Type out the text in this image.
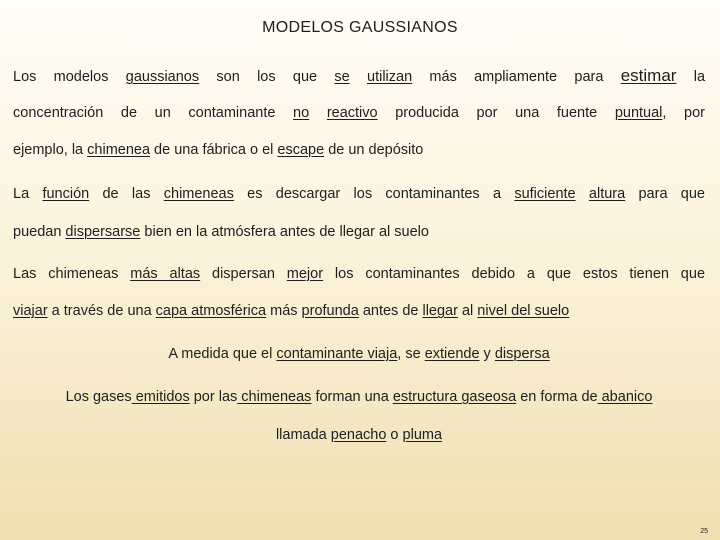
MODELOS GAUSSIANOS
Los modelos gaussianos son los que se utilizan más ampliamente para estimar la
concentración de un contaminante no reactivo producida por una fuente puntual, por
ejemplo, la chimenea de una fábrica o el escape de un depósito
La función de las chimeneas es descargar los contaminantes a suficiente altura para que
puedan dispersarse bien en la atmósfera antes de llegar al suelo
Las chimeneas más altas dispersan mejor los contaminantes debido a que estos tienen que
viajar a través de una capa atmosférica más profunda antes de llegar al nivel del suelo
A medida que el contaminante viaja, se extiende y dispersa
Los gases emitidos por las chimeneas forman una estructura gaseosa en forma de abanico
llamada penacho o pluma
25
